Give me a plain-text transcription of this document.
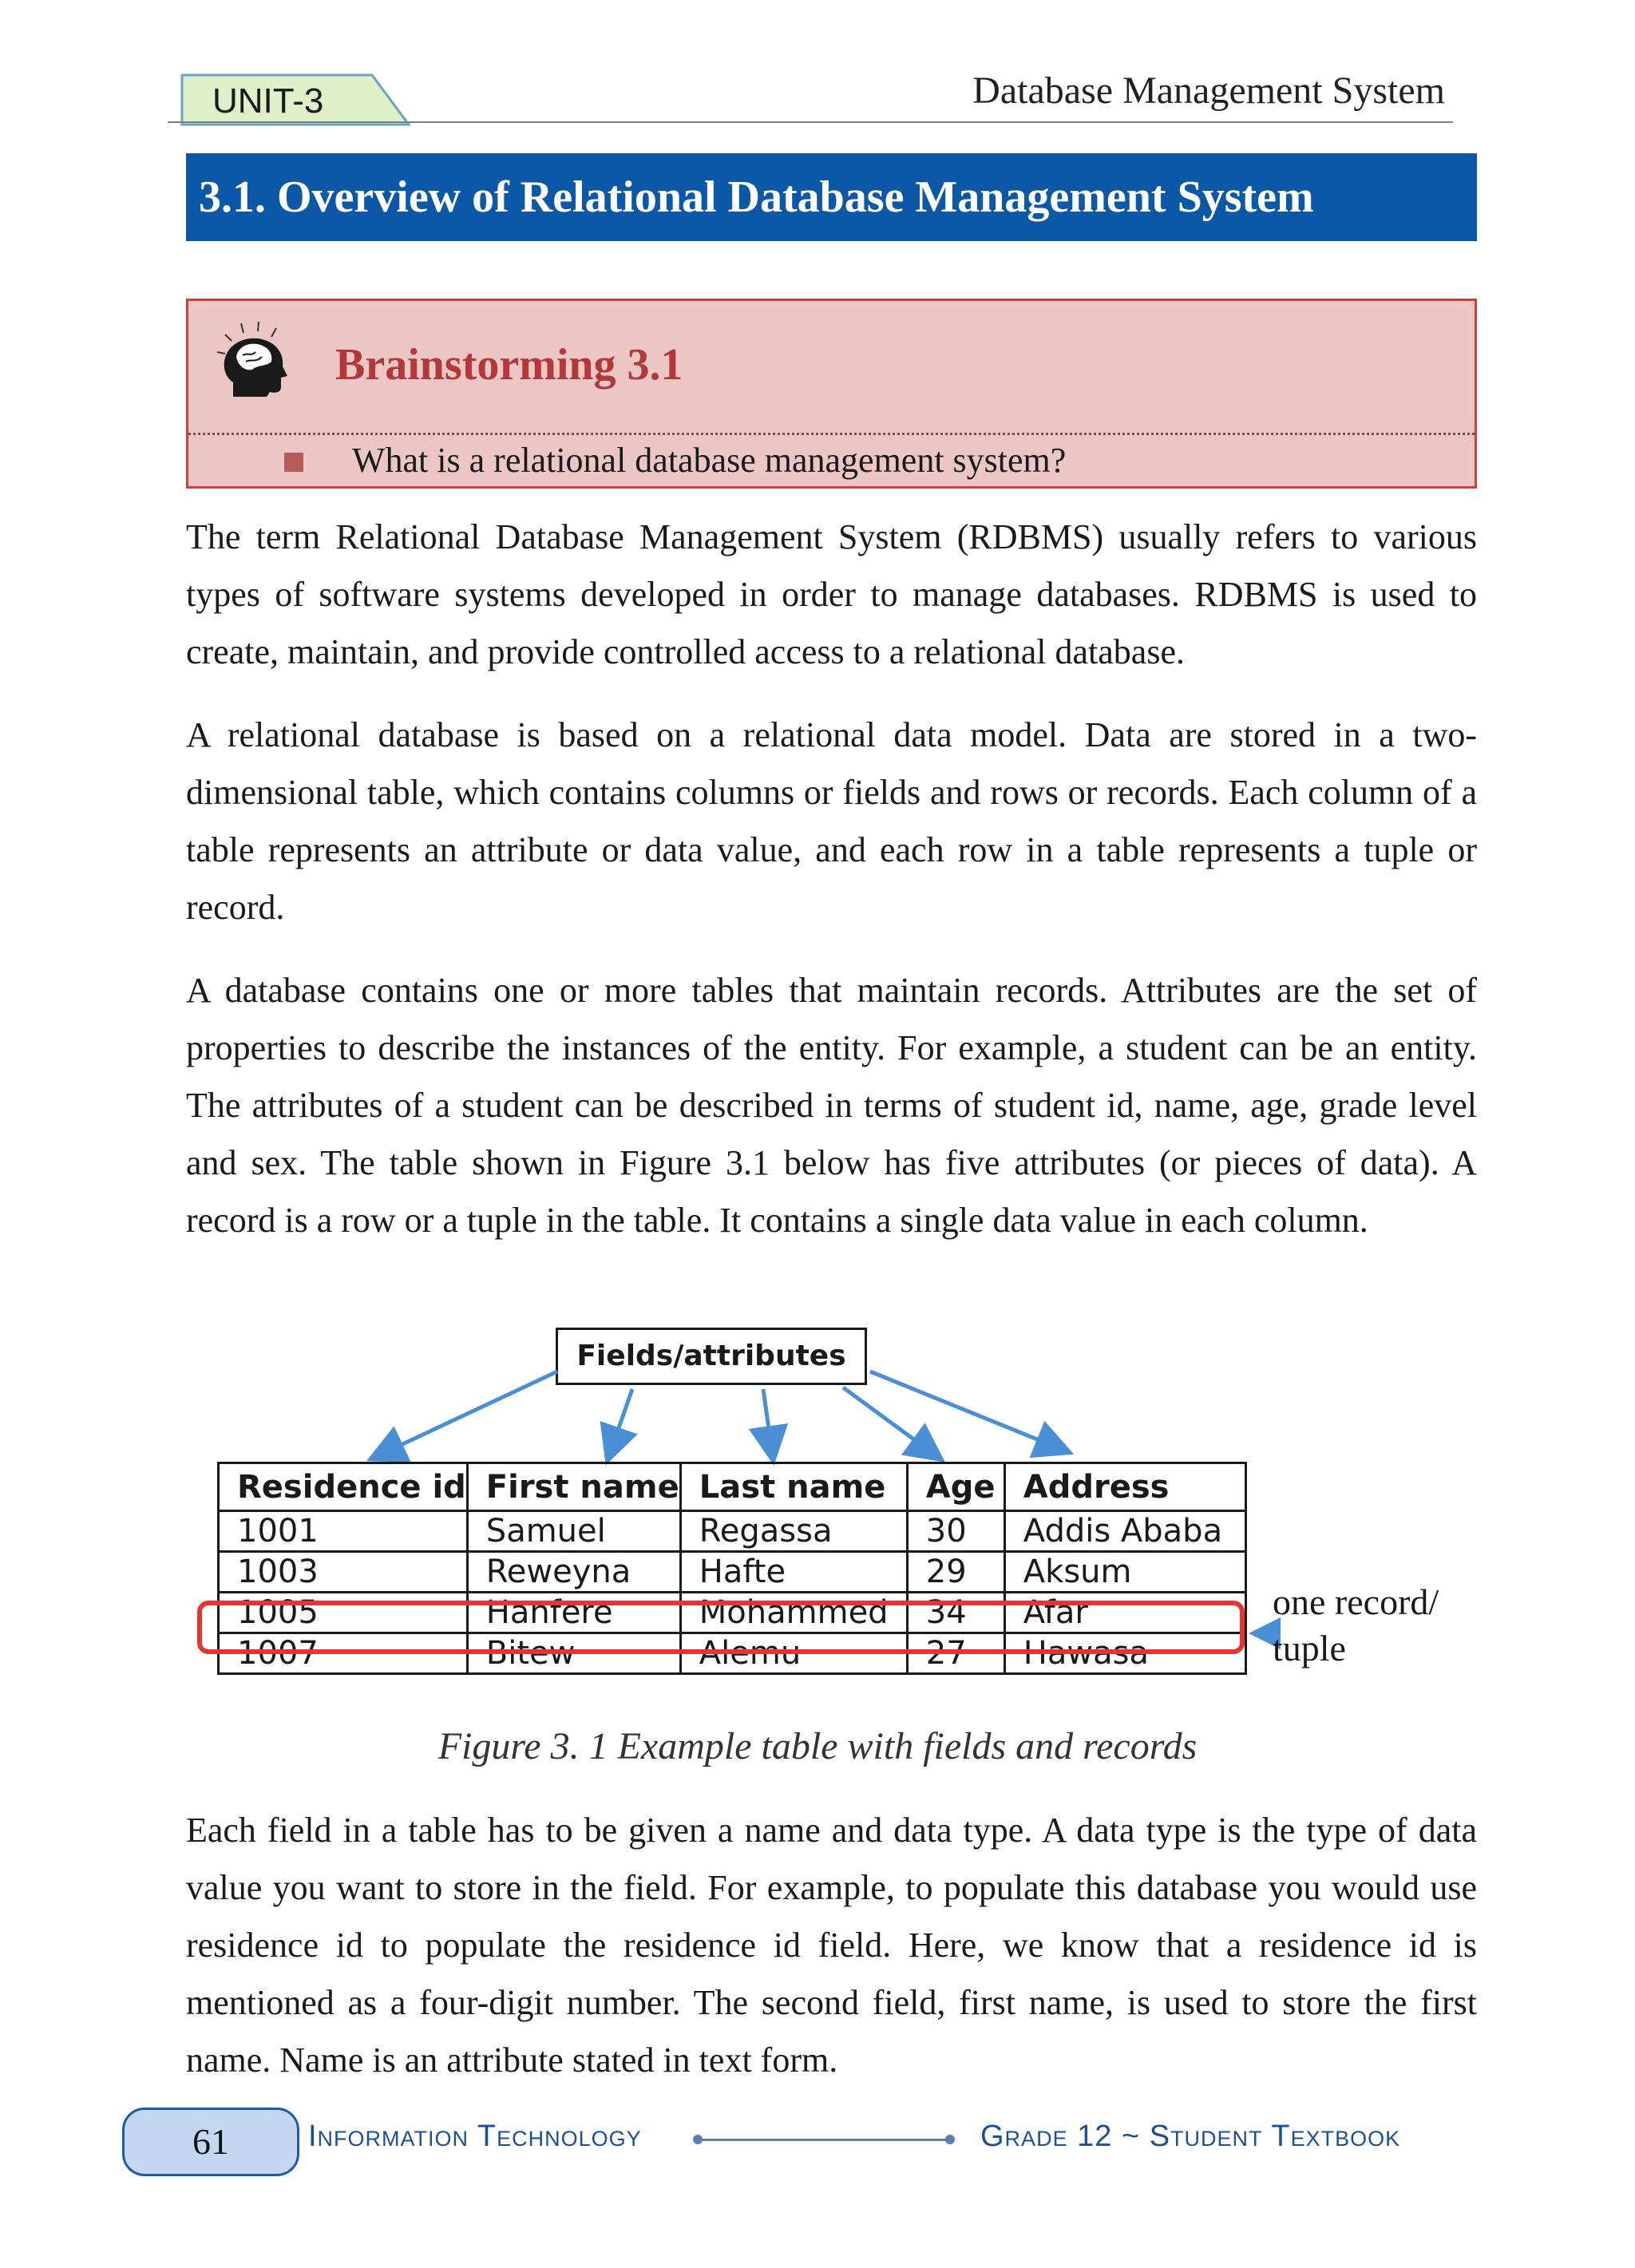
UNIT-3	Database Management System
3.1. Overview of Relational Database Management System
Brainstorming 3.1
What is a relational database management system?

The term Relational Database Management System (RDBMS) usually refers to various types of software systems developed in order to manage databases. RDBMS is used to create, maintain, and provide controlled access to a relational database.

A relational database is based on a relational data model. Data are stored in a two-dimensional table, which contains columns or fields and rows or records. Each column of a table represents an attribute or data value, and each row in a table represents a tuple or record.

A database contains one or more tables that maintain records. Attributes are the set of properties to describe the instances of the entity. For example, a student can be an entity. The attributes of a student can be described in terms of student id, name, age, grade level and sex. The table shown in Figure 3.1 below has five attributes (or pieces of data). A record is a row or a tuple in the table. It contains a single data value in each column.

Fields/attributes
Residence id	First name	Last name	Age	Address
1001	Samuel	Regassa	30	Addis Ababa
1003	Reweyna	Hafte	29	Aksum
1005	Hanfere	Mohammed	34	Afar
1007	Bitew	Alemu	27	Hawasa
one record/
tuple
Figure 3. 1 Example table with fields and records

Each field in a table has to be given a name and data type. A data type is the type of data value you want to store in the field. For example, to populate this database you would use residence id to populate the residence id field. Here, we know that a residence id is mentioned as a four-digit number. The second field, first name, is used to store the first name. Name is an attribute stated in text form.

61	Information Technology	Grade 12 ~ Student Textbook
